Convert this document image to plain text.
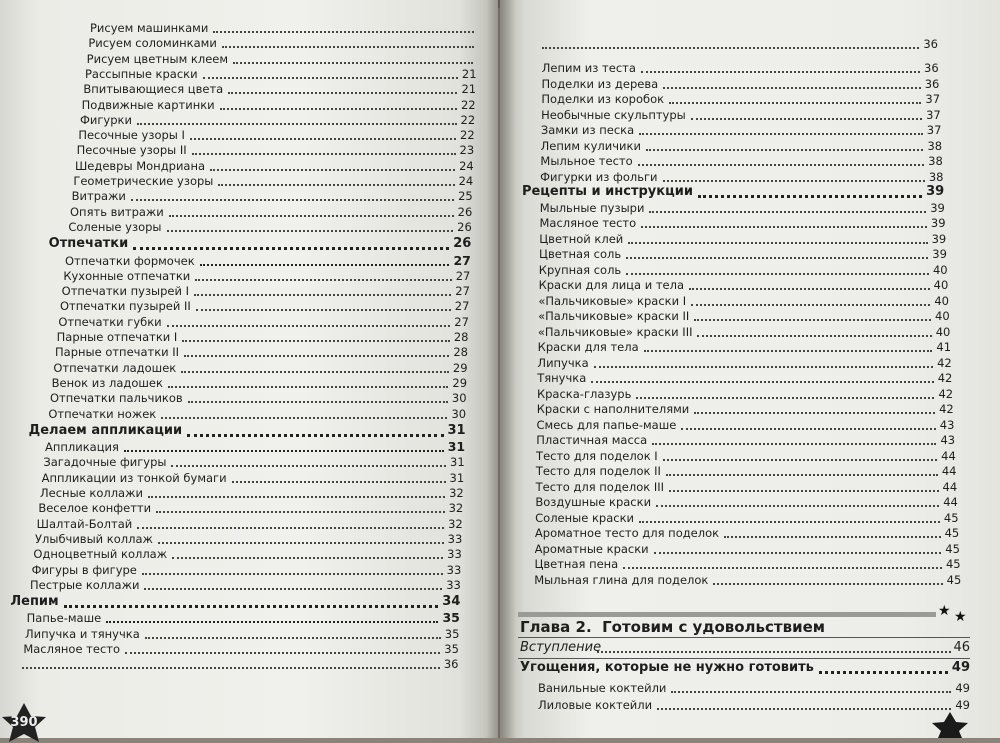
Рисуем машинками
Рисуем соломинками
Рисуем цветным клеем
Рассыпные краски	21
Впитывающиеся цвета	21
Подвижные картинки	22
Фигурки	22
Песочные узоры I	22
Песочные узоры II	23
Шедевры Мондриана	24
Геометрические узоры	24
Витражи	25
Опять витражи	26
Соленые узоры	26
Отпечатки	26
Отпечатки формочек	27
Кухонные отпечатки	27
Отпечатки пузырей I	27
Отпечатки пузырей II	27
Отпечатки губки	27
Парные отпечатки I	28
Парные отпечатки II	28
Отпечатки ладошек	29
Венок из ладошек	29
Отпечатки пальчиков	30
Отпечатки ножек	30
Делаем аппликации	31
Аппликация	31
Загадочные фигуры	31
Аппликации из тонкой бумаги	31
Лесные коллажи	32
Веселое конфетти	32
Шалтай-Болтай	32
Улыбчивый коллаж	33
Одноцветный коллаж	33
Фигуры в фигуре	33
Пестрые коллажи	33
Лепим	34
Папье-маше	35
Липучка и тянучка	35
Масляное тесто	35
36
36
Лепим из теста	36
Поделки из дерева	36
Поделки из коробок	37
Необычные скульптуры	37
Замки из песка	37
Лепим куличики	38
Мыльное тесто	38
Фигурки из фольги	38
Рецепты и инструкции	39
Мыльные пузыри	39
Масляное тесто	39
Цветной клей	39
Цветная соль	39
Крупная соль	40
Краски для лица и тела	40
«Пальчиковые» краски I	40
«Пальчиковые» краски II	40
«Пальчиковые» краски III	40
Краски для тела	41
Липучка	42
Тянучка	42
Краска-глазурь	42
Краски с наполнителями	42
Смесь для папье-маше	43
Пластичная масса	43
Тесто для поделок I	44
Тесто для поделок II	44
Тесто для поделок III	44
Воздушные краски	44
Соленые краски	45
Ароматное тесто для поделок	45
Ароматные краски	45
Цветная пена	45
Мыльная глина для поделок	45
★ ★
Глава 2. Готовим с удовольствием
Вступление	46
Угощения, которые не нужно готовить	49
Ванильные коктейли	49
Лиловые коктейли	49
390
